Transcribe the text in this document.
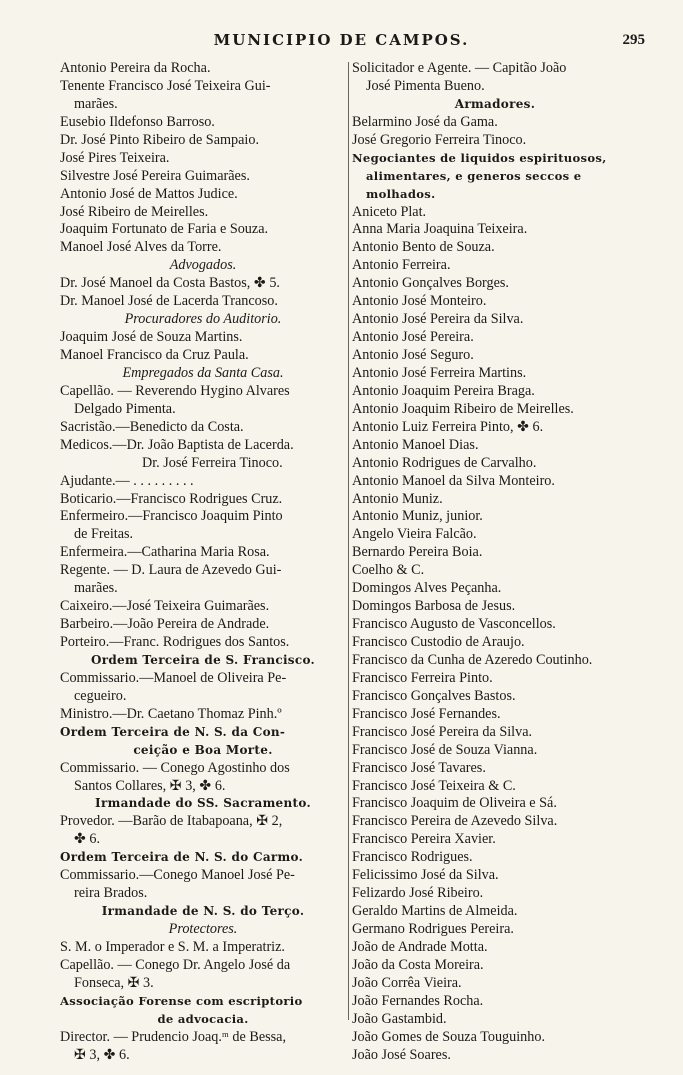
MUNICIPIO DE CAMPOS.	295
Antonio Pereira da Rocha.
Tenente Francisco José Teixeira Gui-
marães.
Eusebio Ildefonso Barroso.
Dr. José Pinto Ribeiro de Sampaio.
José Pires Teixeira.
Silvestre José Pereira Guimarães.
Antonio José de Mattos Judice.
José Ribeiro de Meirelles.
Joaquim Fortunato de Faria e Souza.
Manoel José Alves da Torre.
Advogados.
Dr. José Manoel da Costa Bastos, ✤ 5.
Dr. Manoel José de Lacerda Trancoso.
Procuradores do Auditorio.
Joaquim José de Souza Martins.
Manoel Francisco da Cruz Paula.
Empregados da Santa Casa.
Capellão. — Reverendo Hygino Alvares
Delgado Pimenta.
Sacristão.—Benedicto da Costa.
Medicos.—Dr. João Baptista de Lacerda.
Dr. José Ferreira Tinoco.
Ajudante.— . . . . . . . . .
Boticario.—Francisco Rodrigues Cruz.
Enfermeiro.—Francisco Joaquim Pinto
de Freitas.
Enfermeira.—Catharina Maria Rosa.
Regente. — D. Laura de Azevedo Gui-
marães.
Caixeiro.—José Teixeira Guimarães.
Barbeiro.—João Pereira de Andrade.
Porteiro.—Franc. Rodrigues dos Santos.
Ordem Terceira de S. Francisco.
Commissario.—Manoel de Oliveira Pe-
cegueiro.
Ministro.—Dr. Caetano Thomaz Pinh.º
Ordem Terceira de N. S. da Con-
ceição e Boa Morte.
Commissario. — Conego Agostinho dos
Santos Collares, ✠ 3, ✤ 6.
Irmandade do SS. Sacramento.
Provedor. —Barão de Itabapoana, ✠ 2,
✤ 6.
Ordem Terceira de N. S. do Carmo.
Commissario.—Conego Manoel José Pe-
reira Brados.
Irmandade de N. S. do Terço.
Protectores.
S. M. o Imperador e S. M. a Imperatriz.
Capellão. — Conego Dr. Angelo José da
Fonseca, ✠ 3.
Associação Forense com escriptorio
de advocacia.
Director. — Prudencio Joaq.ᵐ de Bessa,
✠ 3, ✤ 6.
Solicitador e Agente. — Capitão João
José Pimenta Bueno.
Armadores.
Belarmino José da Gama.
José Gregorio Ferreira Tinoco.
Negociantes de liquidos espirituosos,
alimentares, e generos seccos e
molhados.
Aniceto Plat.
Anna Maria Joaquina Teixeira.
Antonio Bento de Souza.
Antonio Ferreira.
Antonio Gonçalves Borges.
Antonio José Monteiro.
Antonio José Pereira da Silva.
Antonio José Pereira.
Antonio José Seguro.
Antonio José Ferreira Martins.
Antonio Joaquim Pereira Braga.
Antonio Joaquim Ribeiro de Meirelles.
Antonio Luiz Ferreira Pinto, ✤ 6.
Antonio Manoel Dias.
Antonio Rodrigues de Carvalho.
Antonio Manoel da Silva Monteiro.
Antonio Muniz.
Antonio Muniz, junior.
Angelo Vieira Falcão.
Bernardo Pereira Boia.
Coelho & C.
Domingos Alves Peçanha.
Domingos Barbosa de Jesus.
Francisco Augusto de Vasconcellos.
Francisco Custodio de Araujo.
Francisco da Cunha de Azeredo Coutinho.
Francisco Ferreira Pinto.
Francisco Gonçalves Bastos.
Francisco José Fernandes.
Francisco José Pereira da Silva.
Francisco José de Souza Vianna.
Francisco José Tavares.
Francisco José Teixeira & C.
Francisco Joaquim de Oliveira e Sá.
Francisco Pereira de Azevedo Silva.
Francisco Pereira Xavier.
Francisco Rodrigues.
Felicissimo José da Silva.
Felizardo José Ribeiro.
Geraldo Martins de Almeida.
Germano Rodrigues Pereira.
João de Andrade Motta.
João da Costa Moreira.
João Corrêa Vieira.
João Fernandes Rocha.
João Gastambid.
João Gomes de Souza Touguinho.
João José Soares.
